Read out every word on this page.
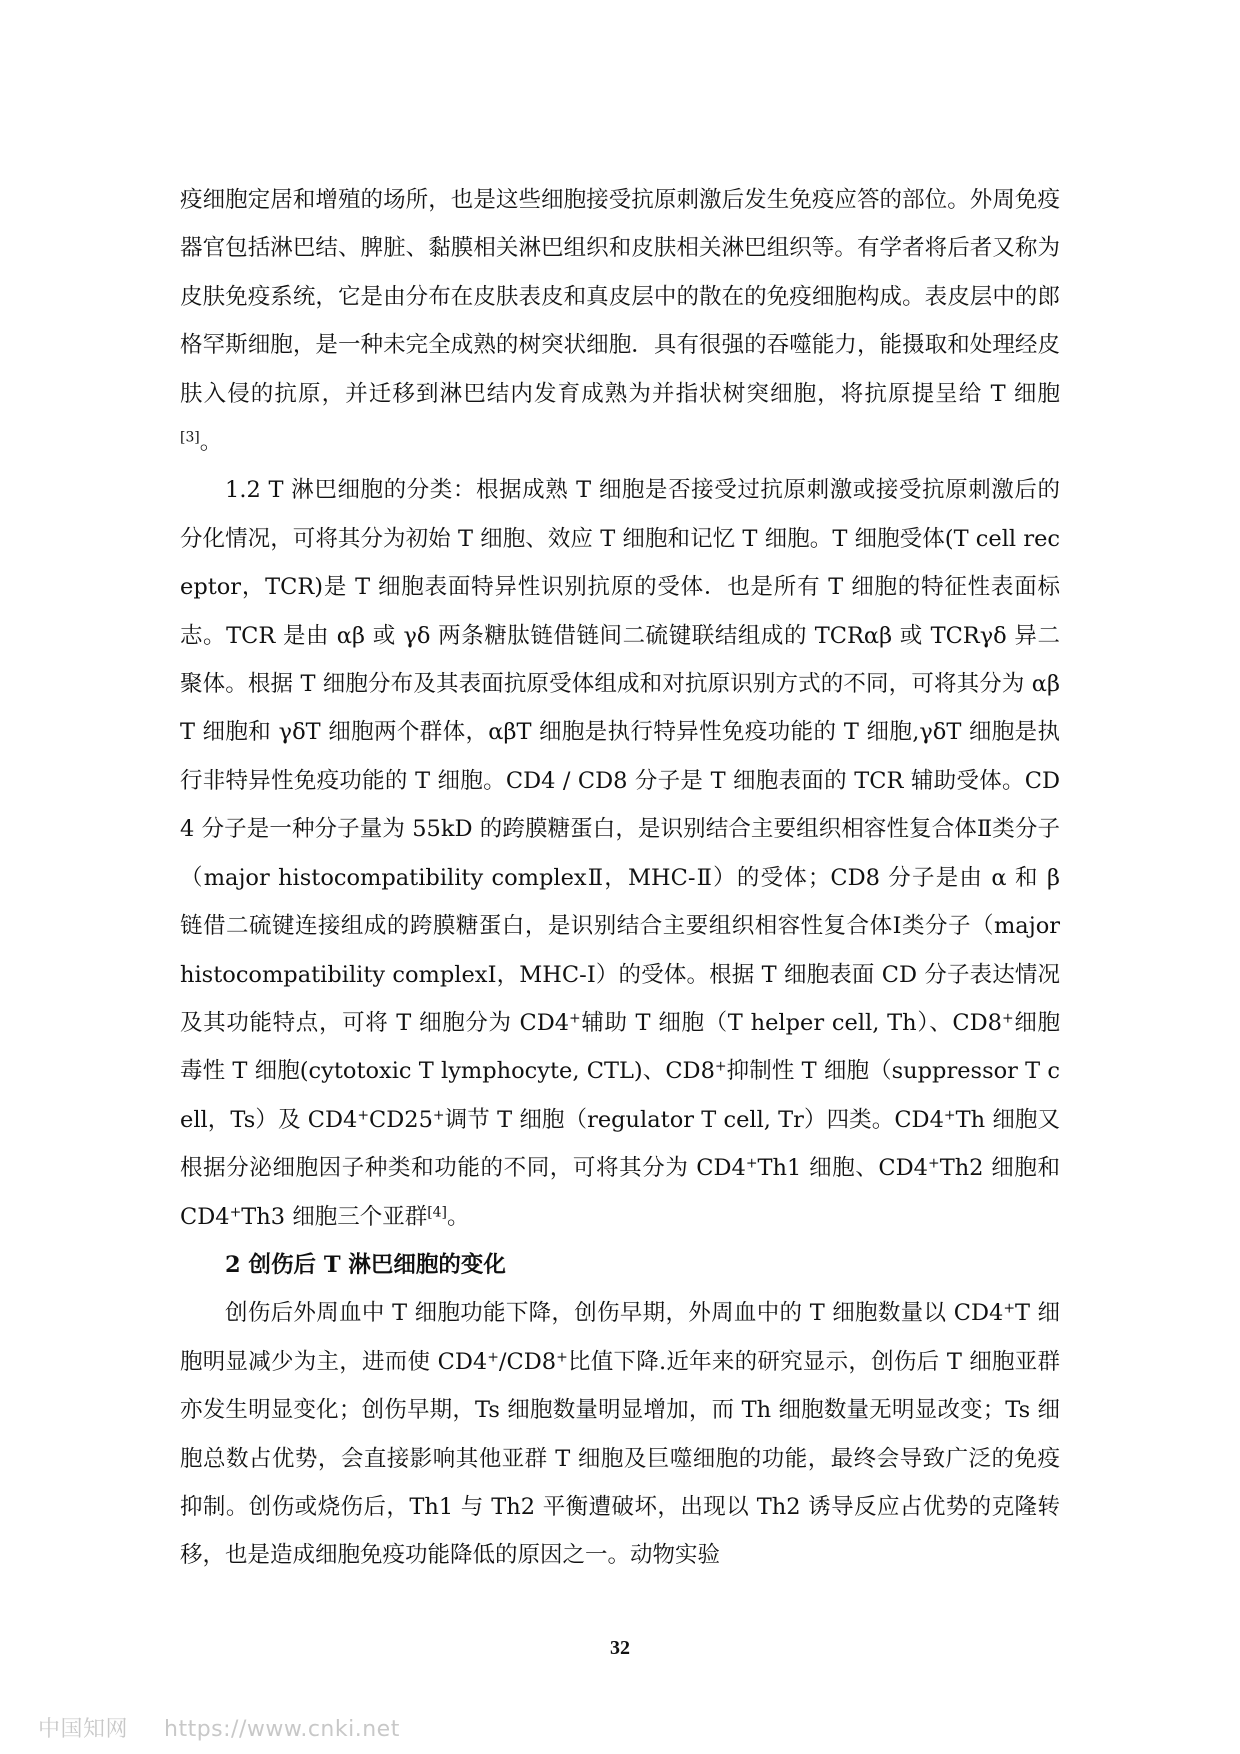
疫细胞定居和增殖的场所，也是这些细胞接受抗原刺激后发生免疫应答的部位。外周免疫器官包括淋巴结、脾脏、黏膜相关淋巴组织和皮肤相关淋巴组织等。有学者将后者又称为皮肤免疫系统，它是由分布在皮肤表皮和真皮层中的散在的免疫细胞构成。表皮层中的郎格罕斯细胞，是一种未完全成熟的树突状细胞．具有很强的吞噬能力，能摄取和处理经皮肤入侵的抗原，并迁移到淋巴结内发育成熟为并指状树突细胞，将抗原提呈给 T 细胞[3]。

1.2 T 淋巴细胞的分类：根据成熟 T 细胞是否接受过抗原刺激或接受抗原刺激后的分化情况，可将其分为初始 T 细胞、效应 T 细胞和记忆 T 细胞。T 细胞受体(T cell receptor，TCR)是 T 细胞表面特异性识别抗原的受体．也是所有 T 细胞的特征性表面标志。TCR 是由 αβ 或 γδ 两条糖肽链借链间二硫键联结组成的 TCRαβ 或 TCRγδ 异二聚体。根据 T 细胞分布及其表面抗原受体组成和对抗原识别方式的不同，可将其分为 αβT 细胞和 γδT 细胞两个群体，αβT 细胞是执行特异性免疫功能的 T 细胞,γδT 细胞是执行非特异性免疫功能的 T 细胞。CD4 / CD8 分子是 T 细胞表面的 TCR 辅助受体。CD4 分子是一种分子量为 55kD 的跨膜糖蛋白，是识别结合主要组织相容性复合体Ⅱ类分子（major histocompatibility complexⅡ，MHC-Ⅱ）的受体；CD8 分子是由 α 和 β 链借二硫键连接组成的跨膜糖蛋白，是识别结合主要组织相容性复合体Ⅰ类分子（major histocompatibility complexⅠ，MHC-Ⅰ）的受体。根据 T 细胞表面 CD 分子表达情况及其功能特点，可将 T 细胞分为 CD4+辅助 T 细胞（T helper cell, Th）、CD8+细胞毒性 T 细胞(cytotoxic T lymphocyte, CTL)、CD8+抑制性 T 细胞（suppressor T cell，Ts）及 CD4+CD25+调节 T 细胞（regulator T cell, Tr）四类。CD4+Th 细胞又根据分泌细胞因子种类和功能的不同，可将其分为 CD4+Th1 细胞、CD4+Th2 细胞和 CD4+Th3 细胞三个亚群[4]。

2 创伤后 T 淋巴细胞的变化

创伤后外周血中 T 细胞功能下降，创伤早期，外周血中的 T 细胞数量以 CD4+T 细胞明显减少为主，进而使 CD4+/CD8+比值下降.近年来的研究显示，创伤后 T 细胞亚群亦发生明显变化；创伤早期，Ts 细胞数量明显增加，而 Th 细胞数量无明显改变；Ts 细胞总数占优势，会直接影响其他亚群 T 细胞及巨噬细胞的功能，最终会导致广泛的免疫抑制。创伤或烧伤后，Th1 与 Th2 平衡遭破坏，出现以 Th2 诱导反应占优势的克隆转移，也是造成细胞免疫功能降低的原因之一。动物实验

32
中国知网 https://www.cnki.net
